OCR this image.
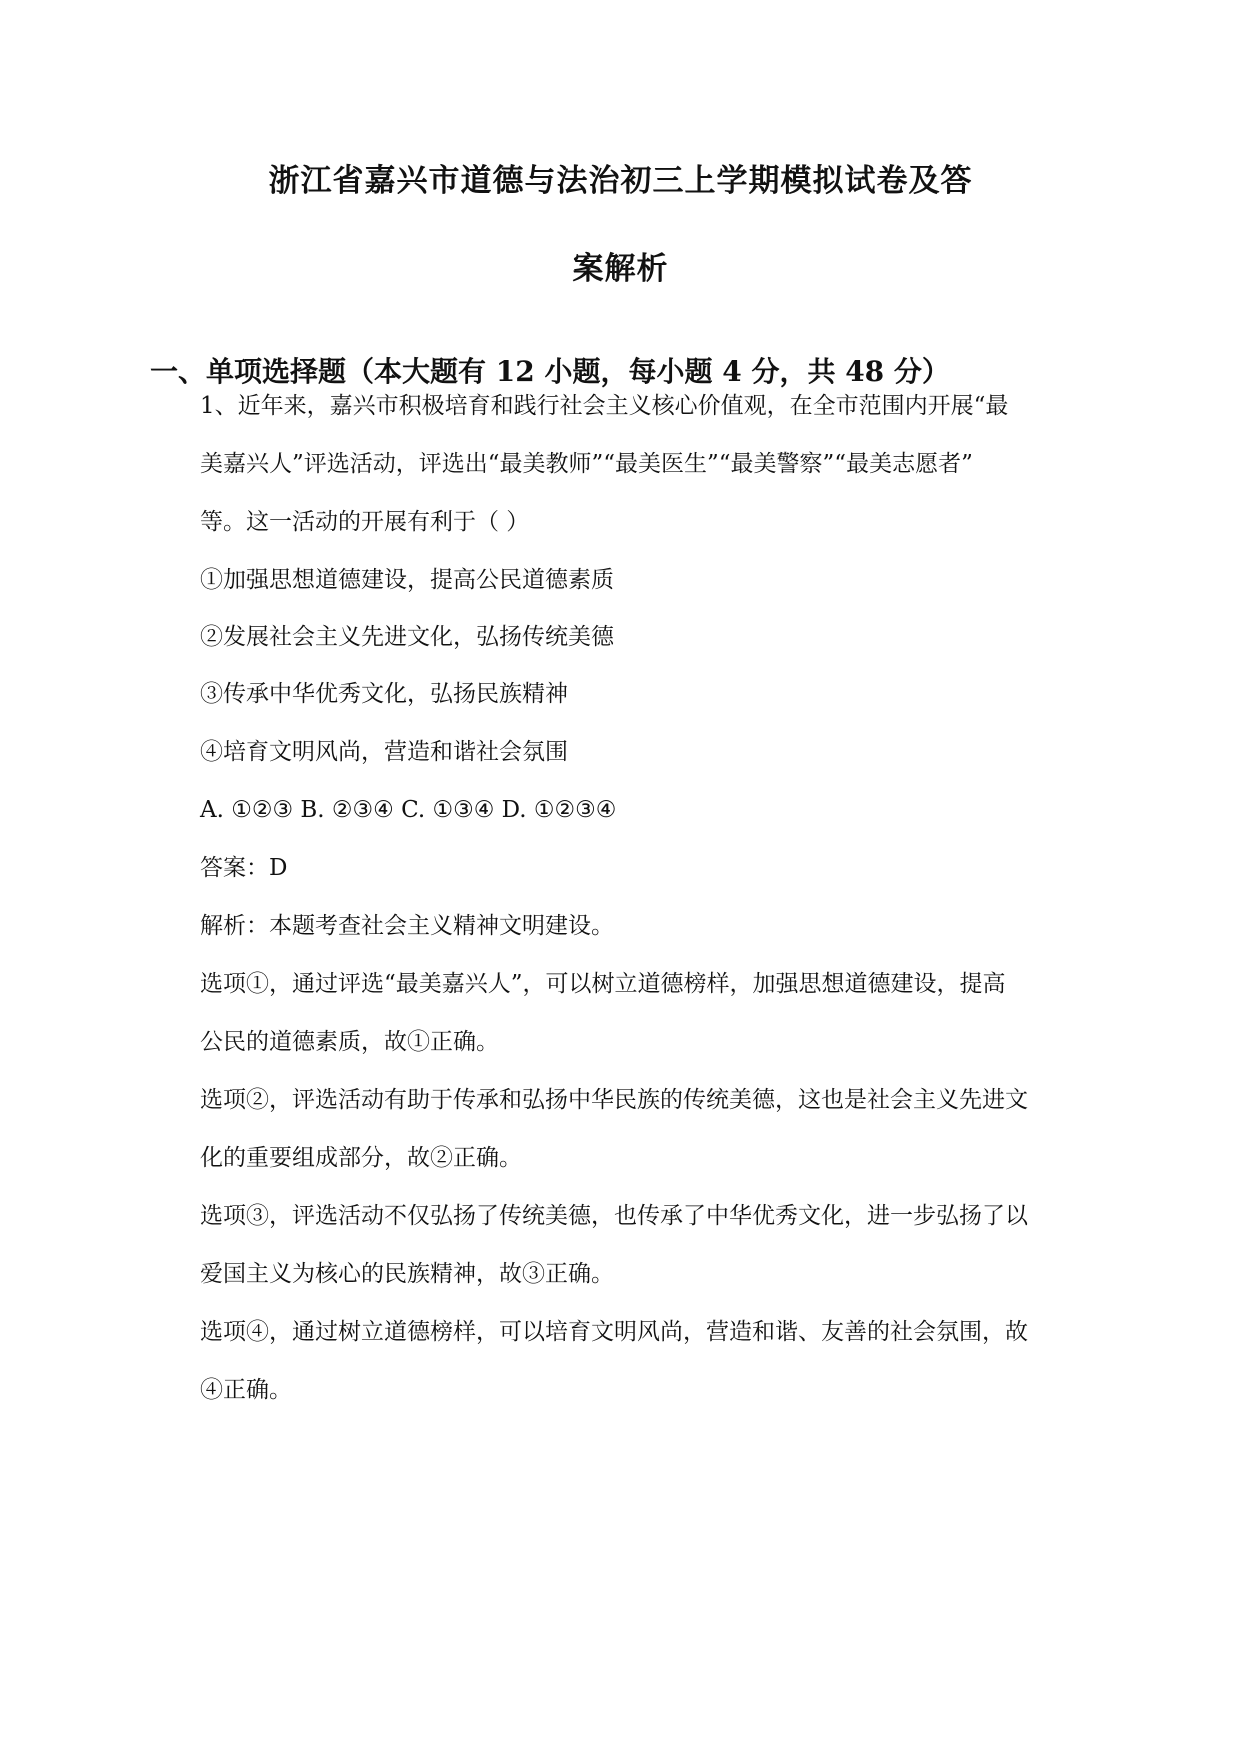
浙江省嘉兴市道德与法治初三上学期模拟试卷及答
案解析
一、单项选择题（本大题有 12 小题，每小题 4 分，共 48 分）
1、近年来，嘉兴市积极培育和践行社会主义核心价值观，在全市范围内开展“最
美嘉兴人”评选活动，评选出“最美教师”“最美医生”“最美警察”“最美志愿者”
等。这一活动的开展有利于（ ）
①加强思想道德建设，提高公民道德素质
②发展社会主义先进文化，弘扬传统美德
③传承中华优秀文化，弘扬民族精神
④培育文明风尚，营造和谐社会氛围
A. ①②③ B. ②③④ C. ①③④ D. ①②③④
答案：D
解析：本题考查社会主义精神文明建设。
选项①，通过评选“最美嘉兴人”，可以树立道德榜样，加强思想道德建设，提高
公民的道德素质，故①正确。
选项②，评选活动有助于传承和弘扬中华民族的传统美德，这也是社会主义先进文
化的重要组成部分，故②正确。
选项③，评选活动不仅弘扬了传统美德，也传承了中华优秀文化，进一步弘扬了以
爱国主义为核心的民族精神，故③正确。
选项④，通过树立道德榜样，可以培育文明风尚，营造和谐、友善的社会氛围，故
④正确。
